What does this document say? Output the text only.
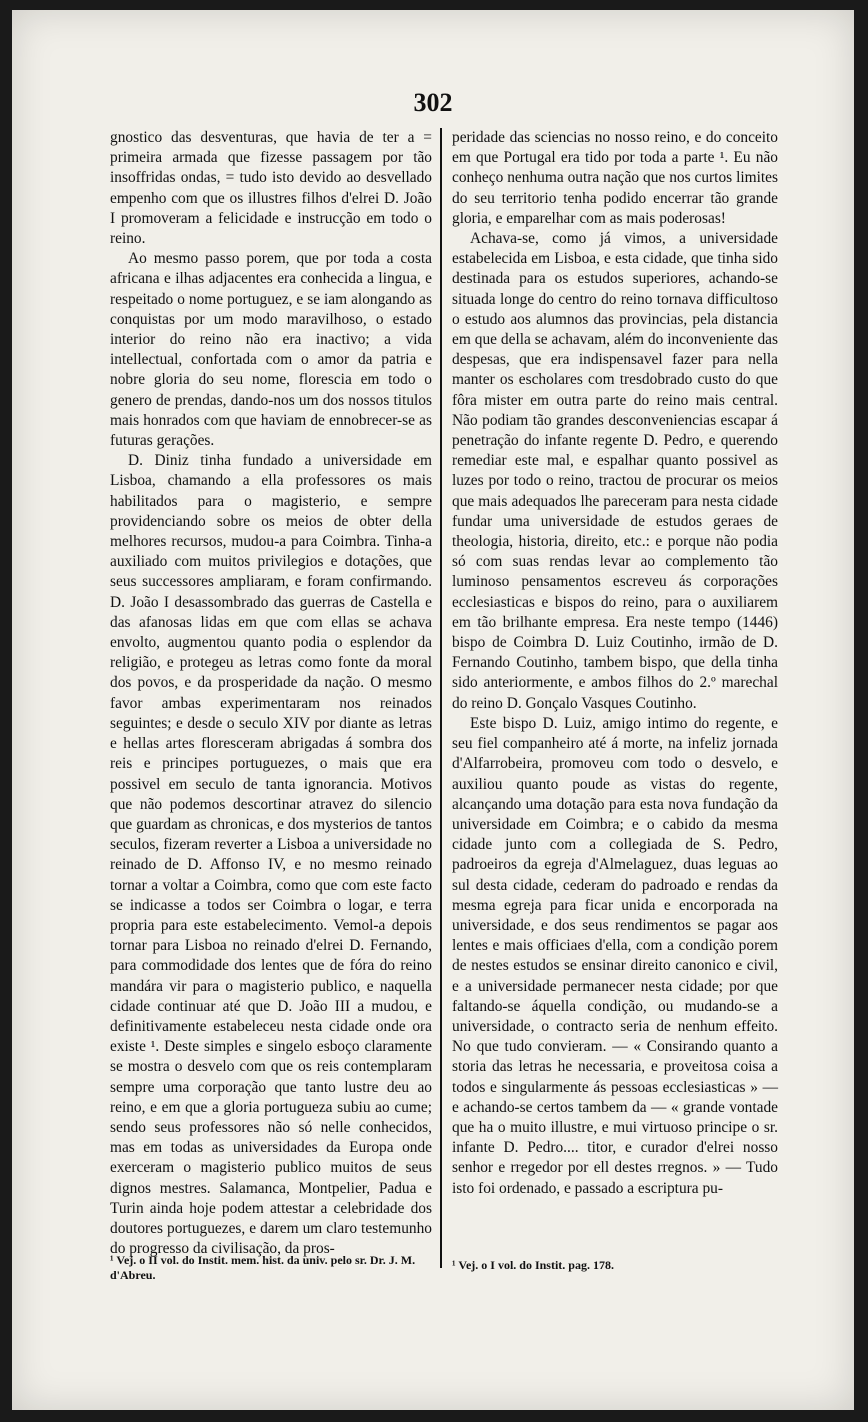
302

gnostico das desventuras, que havia de ter a = primeira armada que fizesse passagem por tão insoffridas ondas, = tudo isto devido ao desvellado empenho com que os illustres filhos d'elrei D. João I promoveram a felicidade e instrucção em todo o reino.

Ao mesmo passo porem, que por toda a costa africana e ilhas adjacentes era conhecida a lingua, e respeitado o nome portuguez, e se iam alongando as conquistas por um modo maravilhoso, o estado interior do reino não era inactivo; a vida intellectual, confortada com o amor da patria e nobre gloria do seu nome, florescia em todo o genero de prendas, dando-nos um dos nossos titulos mais honrados com que haviam de ennobrecer-se as futuras gerações.

D. Diniz tinha fundado a universidade em Lisboa, chamando a ella professores os mais habilitados para o magisterio, e sempre providenciando sobre os meios de obter della melhores recursos, mudou-a para Coimbra. Tinha-a auxiliado com muitos privilegios e dotações, que seus successores ampliaram, e foram confirmando. D. João I desassombrado das guerras de Castella e das afanosas lidas em que com ellas se achava envolto, augmentou quanto podia o esplendor da religião, e protegeu as letras como fonte da moral dos povos, e da prosperidade da nação. O mesmo favor ambas experimentaram nos reinados seguintes; e desde o seculo XIV por diante as letras e hellas artes floresceram abrigadas á sombra dos reis e principes portuguezes, o mais que era possivel em seculo de tanta ignorancia. Motivos que não podemos descortinar atravez do silencio que guardam as chronicas, e dos mysterios de tantos seculos, fizeram reverter a Lisboa a universidade no reinado de D. Affonso IV, e no mesmo reinado tornar a voltar a Coimbra, como que com este facto se indicasse a todos ser Coimbra o logar, e terra propria para este estabelecimento. Vemol-a depois tornar para Lisboa no reinado d'elrei D. Fernando, para commodidade dos lentes que de fóra do reino mandára vir para o magisterio publico, e naquella cidade continuar até que D. João III a mudou, e definitivamente estabeleceu nesta cidade onde ora existe ¹. Deste simples e singelo esboço claramente se mostra o desvelo com que os reis contemplaram sempre uma corporação que tanto lustre deu ao reino, e em que a gloria portugueza subiu ao cume; sendo seus professores não só nelle conhecidos, mas em todas as universidades da Europa onde exerceram o magisterio publico muitos de seus dignos mestres. Salamanca, Montpelier, Padua e Turin ainda hoje podem attestar a celebridade dos doutores portuguezes, e darem um claro testemunho do progresso da civilisação, da pros-

peridade das sciencias no nosso reino, e do conceito em que Portugal era tido por toda a parte ¹. Eu não conheço nenhuma outra nação que nos curtos limites do seu territorio tenha podido encerrar tão grande gloria, e emparelhar com as mais poderosas!

Achava-se, como já vimos, a universidade estabelecida em Lisboa, e esta cidade, que tinha sido destinada para os estudos superiores, achando-se situada longe do centro do reino tornava difficultoso o estudo aos alumnos das provincias, pela distancia em que della se achavam, além do inconveniente das despesas, que era indispensavel fazer para nella manter os escholares com tresdobrado custo do que fôra mister em outra parte do reino mais central. Não podiam tão grandes desconveniencias escapar á penetração do infante regente D. Pedro, e querendo remediar este mal, e espalhar quanto possivel as luzes por todo o reino, tractou de procurar os meios que mais adequados lhe pareceram para nesta cidade fundar uma universidade de estudos geraes de theologia, historia, direito, etc.: e porque não podia só com suas rendas levar ao complemento tão luminoso pensamentos escreveu ás corporações ecclesiasticas e bispos do reino, para o auxiliarem em tão brilhante empresa. Era neste tempo (1446) bispo de Coimbra D. Luiz Coutinho, irmão de D. Fernando Coutinho, tambem bispo, que della tinha sido anteriormente, e ambos filhos do 2.º marechal do reino D. Gonçalo Vasques Coutinho.

Este bispo D. Luiz, amigo intimo do regente, e seu fiel companheiro até á morte, na infeliz jornada d'Alfarrobeira, promoveu com todo o desvelo, e auxiliou quanto poude as vistas do regente, alcançando uma dotação para esta nova fundação da universidade em Coimbra; e o cabido da mesma cidade junto com a collegiada de S. Pedro, padroeiros da egreja d'Almelaguez, duas leguas ao sul desta cidade, cederam do padroado e rendas da mesma egreja para ficar unida e encorporada na universidade, e dos seus rendimentos se pagar aos lentes e mais officiaes d'ella, com a condição porem de nestes estudos se ensinar direito canonico e civil, e a universidade permanecer nesta cidade; por que faltando-se áquella condição, ou mudando-se a universidade, o contracto seria de nenhum effeito. No que tudo convieram. — « Consirando quanto a storia das letras he necessaria, e proveitosa coisa a todos e singularmente ás pessoas ecclesiasticas » — e achando-se certos tambem da — « grande vontade que ha o muito illustre, e mui virtuoso principe o sr. infante D. Pedro.... titor, e curador d'elrei nosso senhor e rregedor por ell destes rregnos. » — Tudo isto foi ordenado, e passado a escriptura pu-

¹ Vej. o II vol. do Instit. mem. hist. da univ. pelo sr. Dr. J. M. d'Abreu.
¹ Vej. o I vol. do Instit. pag. 178.
